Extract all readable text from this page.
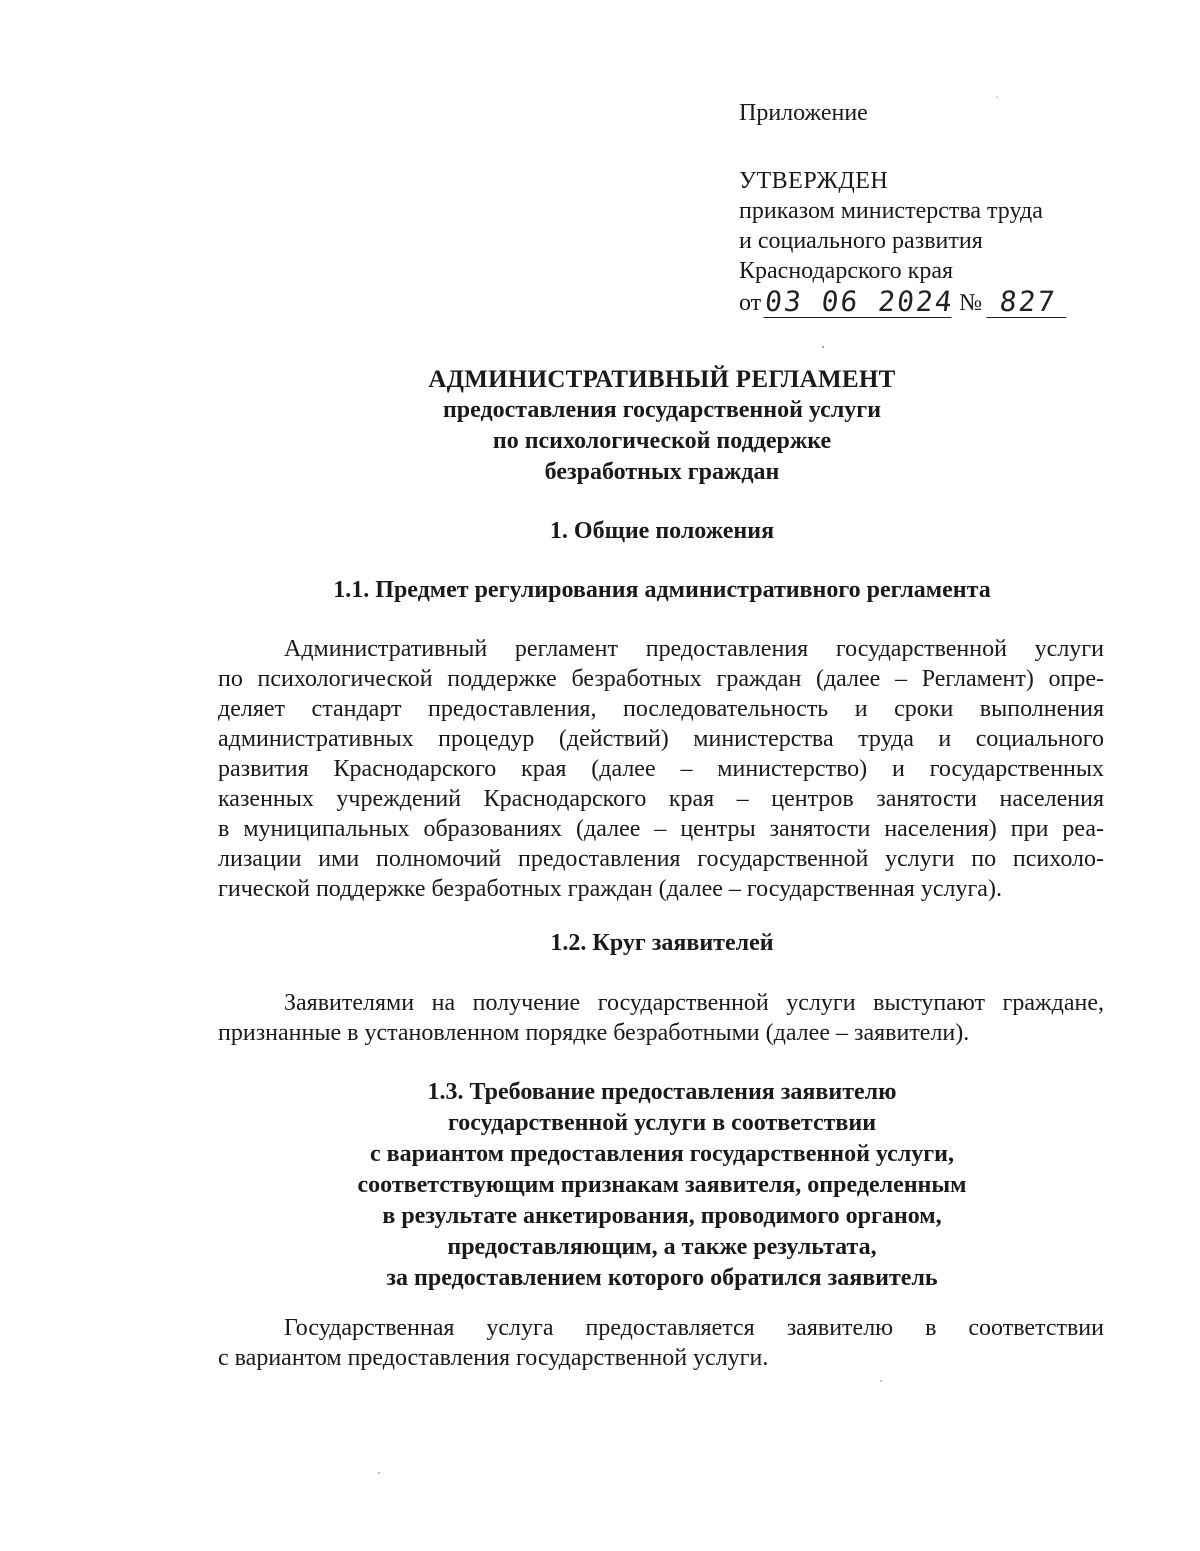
Приложение
УТВЕРЖДЕН
приказом министерства труда
и социального развития
Краснодарского края
от 03 06 2024 № 827
АДМИНИСТРАТИВНЫЙ РЕГЛАМЕНТ
предоставления государственной услуги
по психологической поддержке
безработных граждан
1. Общие положения
1.1. Предмет регулирования административного регламента
Административный регламент предоставления государственной услуги
по психологической поддержке безработных граждан (далее – Регламент) опре-
деляет стандарт предоставления, последовательность и сроки выполнения
административных процедур (действий) министерства труда и социального
развития Краснодарского края (далее – министерство) и государственных
казенных учреждений Краснодарского края – центров занятости населения
в муниципальных образованиях (далее – центры занятости населения) при реа-
лизации ими полномочий предоставления государственной услуги по психоло-
гической поддержке безработных граждан (далее – государственная услуга).
1.2. Круг заявителей
Заявителями на получение государственной услуги выступают граждане,
признанные в установленном порядке безработными (далее – заявители).
1.3. Требование предоставления заявителю
государственной услуги в соответствии
с вариантом предоставления государственной услуги,
соответствующим признакам заявителя, определенным
в результате анкетирования, проводимого органом,
предоставляющим, а также результата,
за предоставлением которого обратился заявитель
Государственная услуга предоставляется заявителю в соответствии
с вариантом предоставления государственной услуги.
